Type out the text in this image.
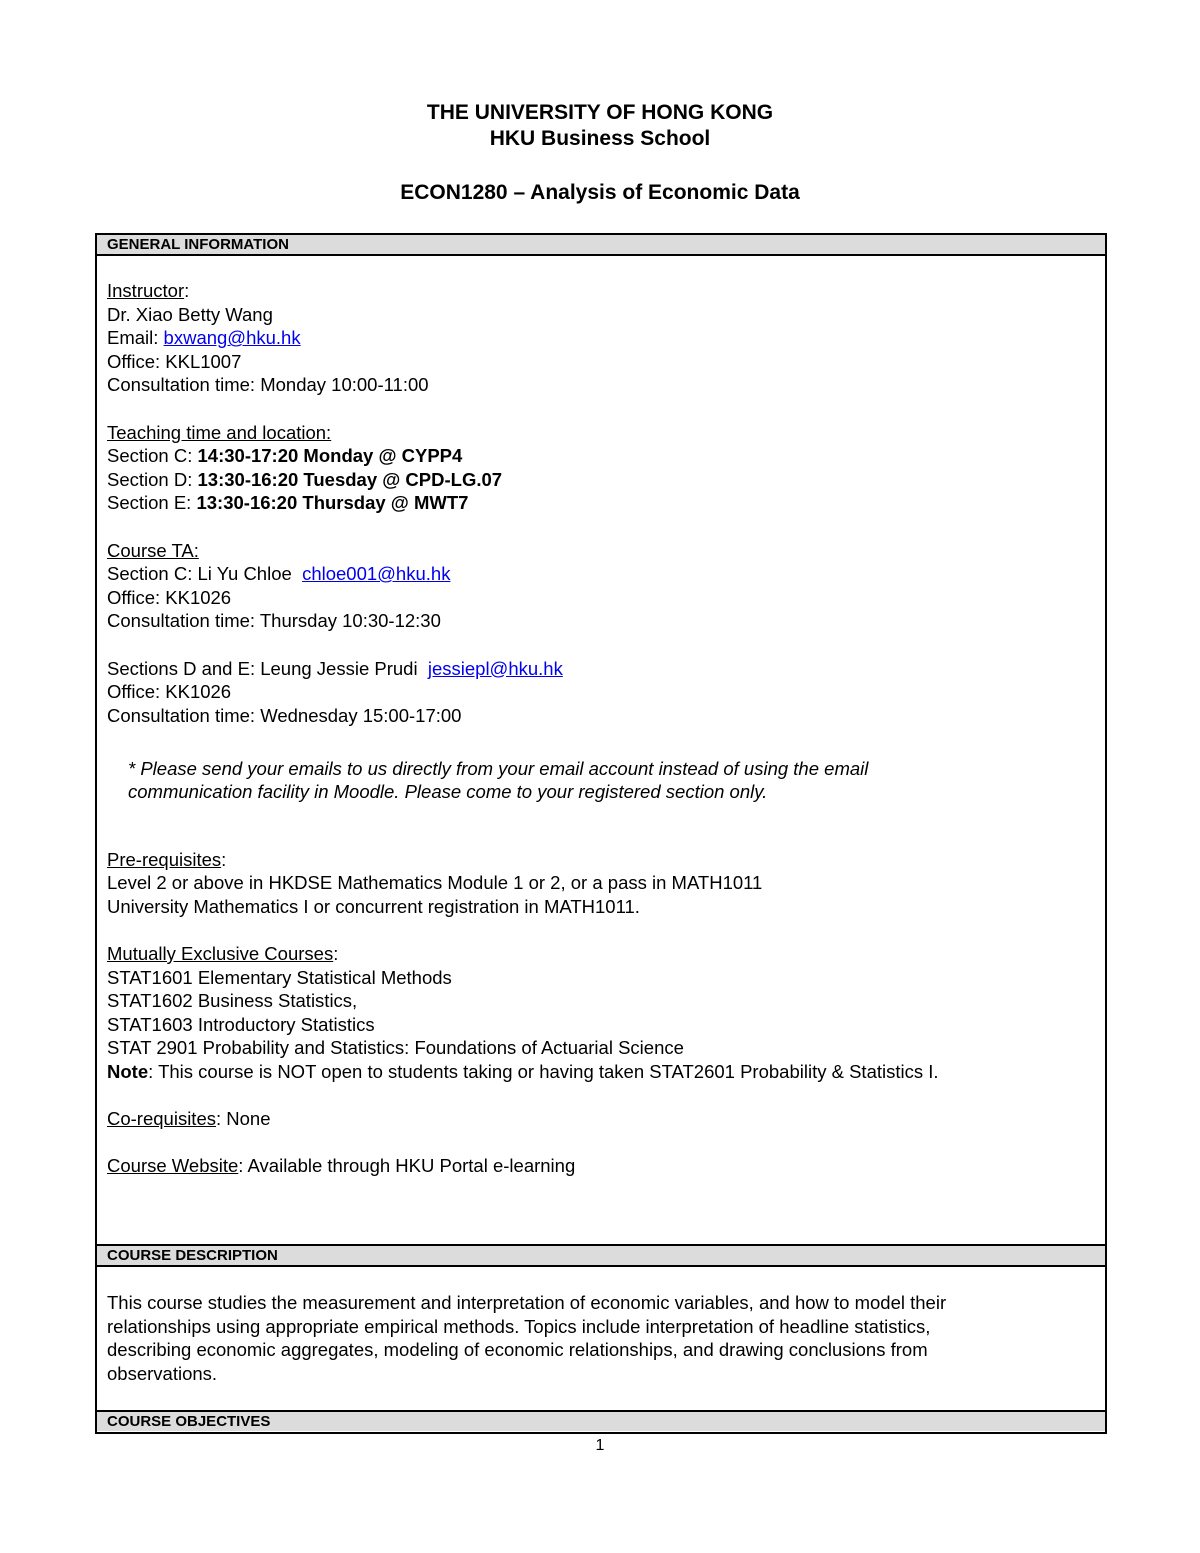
THE UNIVERSITY OF HONG KONG
HKU Business School
ECON1280 – Analysis of Economic Data
GENERAL INFORMATION
Instructor:
Dr. Xiao Betty Wang
Email: bxwang@hku.hk
Office: KKL1007
Consultation time: Monday 10:00-11:00
Teaching time and location:
Section C: 14:30-17:20 Monday @ CYPP4
Section D: 13:30-16:20 Tuesday @ CPD-LG.07
Section E: 13:30-16:20 Thursday @ MWT7
Course TA:
Section C: Li Yu Chloe  chloe001@hku.hk
Office: KK1026
Consultation time: Thursday 10:30-12:30
Sections D and E: Leung Jessie Prudi  jessiepl@hku.hk
Office: KK1026
Consultation time: Wednesday 15:00-17:00
* Please send your emails to us directly from your email account instead of using the email
communication facility in Moodle. Please come to your registered section only.
Pre-requisites:
Level 2 or above in HKDSE Mathematics Module 1 or 2, or a pass in MATH1011
University Mathematics I or concurrent registration in MATH1011.
Mutually Exclusive Courses:
STAT1601 Elementary Statistical Methods
STAT1602 Business Statistics,
STAT1603 Introductory Statistics
STAT 2901 Probability and Statistics: Foundations of Actuarial Science
Note: This course is NOT open to students taking or having taken STAT2601 Probability & Statistics I.
Co-requisites: None
Course Website: Available through HKU Portal e-learning
COURSE DESCRIPTION
This course studies the measurement and interpretation of economic variables, and how to model their
relationships using appropriate empirical methods. Topics include interpretation of headline statistics,
describing economic aggregates, modeling of economic relationships, and drawing conclusions from
observations.
COURSE OBJECTIVES
1
